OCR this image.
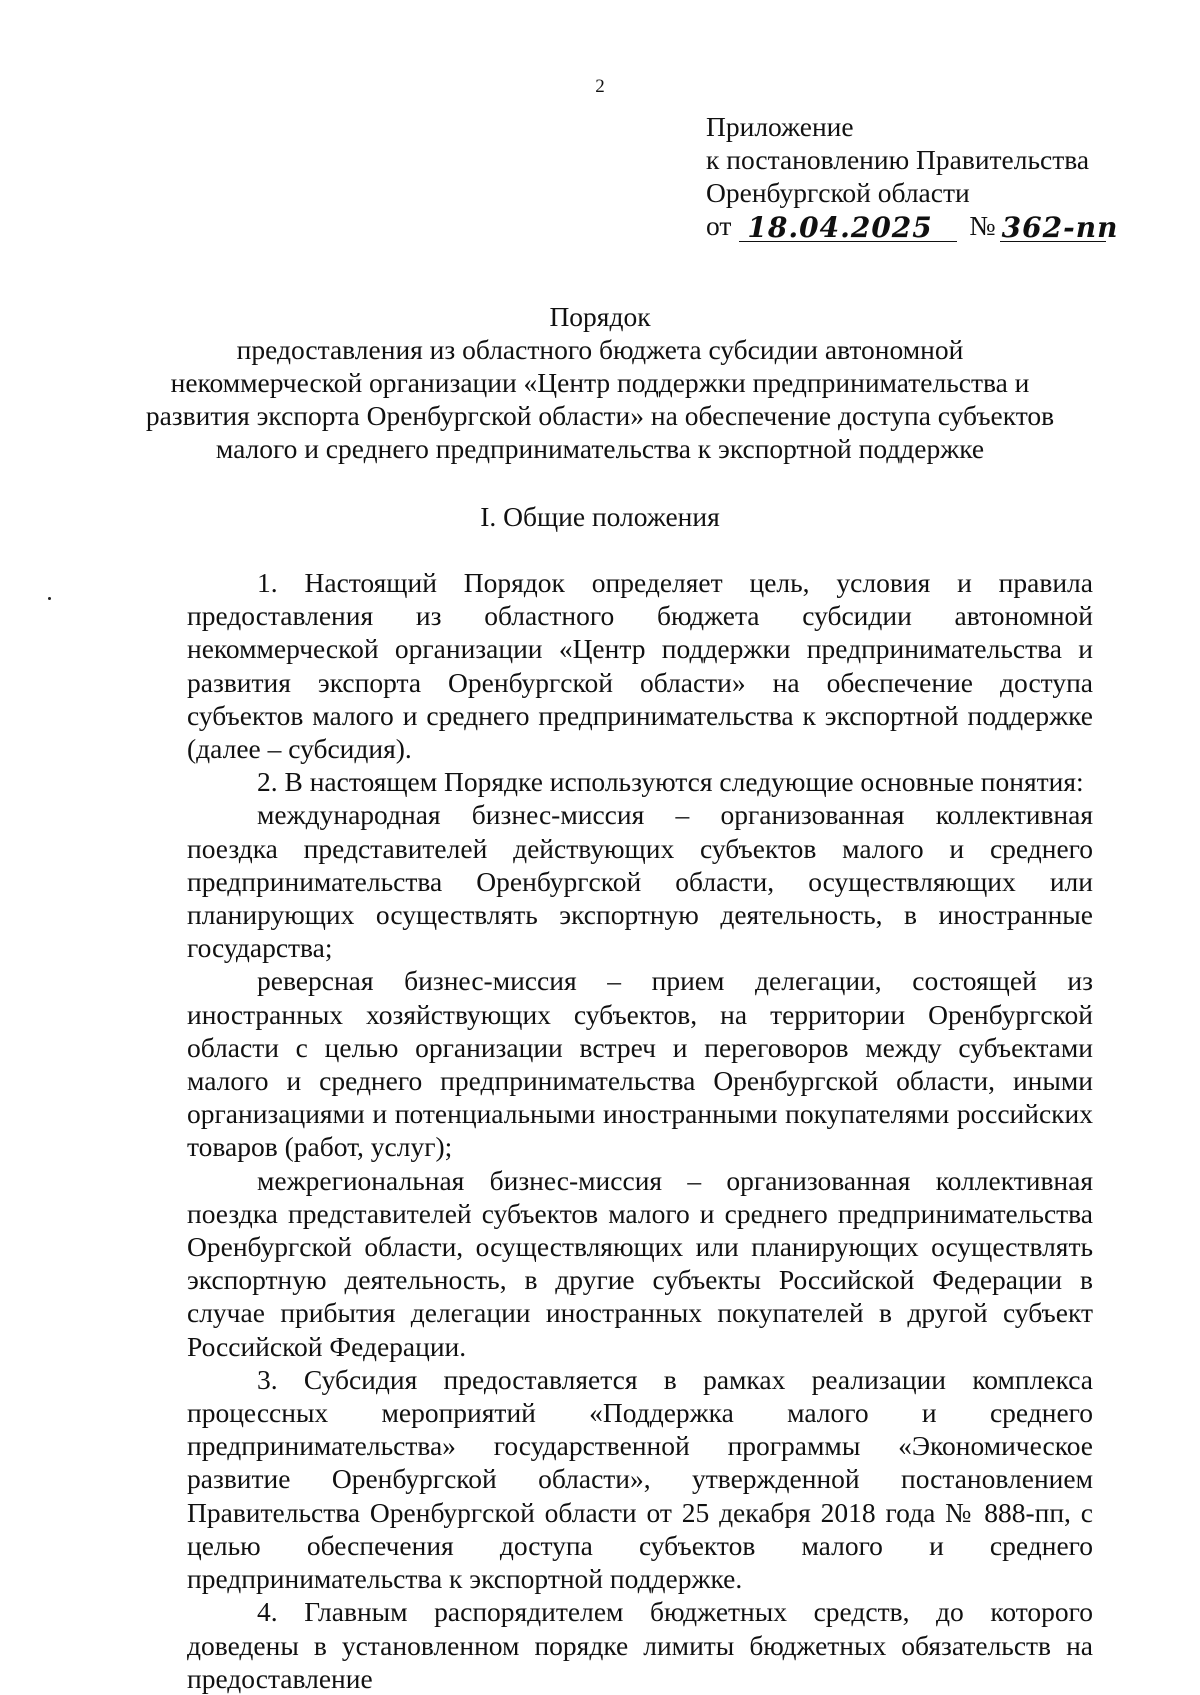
2
Приложение
к постановлению Правительства
Оренбургской области
от 18.04.2025 № 362-пп
Порядок
предоставления из областного бюджета субсидии автономной
некоммерческой организации «Центр поддержки предпринимательства и
развития экспорта Оренбургской области» на обеспечение доступа субъектов
малого и среднего предпринимательства к экспортной поддержке
I. Общие положения

1. Настоящий Порядок определяет цель, условия и правила предоставления из областного бюджета субсидии автономной некоммерческой организации «Центр поддержки предпринимательства и развития экспорта Оренбургской области» на обеспечение доступа субъектов малого и среднего предпринимательства к экспортной поддержке (далее – субсидия).

2. В настоящем Порядке используются следующие основные понятия:

международная бизнес-миссия – организованная коллективная поездка представителей действующих субъектов малого и среднего предпринимательства Оренбургской области, осуществляющих или планирующих осуществлять экспортную деятельность, в иностранные государства;

реверсная бизнес-миссия – прием делегации, состоящей из иностранных хозяйствующих субъектов, на территории Оренбургской области с целью организации встреч и переговоров между субъектами малого и среднего предпринимательства Оренбургской области, иными организациями и потенциальными иностранными покупателями российских товаров (работ, услуг);

межрегиональная бизнес-миссия – организованная коллективная поездка представителей субъектов малого и среднего предпринимательства Оренбургской области, осуществляющих или планирующих осуществлять экспортную деятельность, в другие субъекты Российской Федерации в случае прибытия делегации иностранных покупателей в другой субъект Российской Федерации.

3. Субсидия предоставляется в рамках реализации комплекса процессных мероприятий «Поддержка малого и среднего предпринимательства» государственной программы «Экономическое развитие Оренбургской области», утвержденной постановлением Правительства Оренбургской области от 25 декабря 2018 года № 888-пп, с целью обеспечения доступа субъектов малого и среднего предпринимательства к экспортной поддержке.

4. Главным распорядителем бюджетных средств, до которого доведены в установленном порядке лимиты бюджетных обязательств на предоставление
